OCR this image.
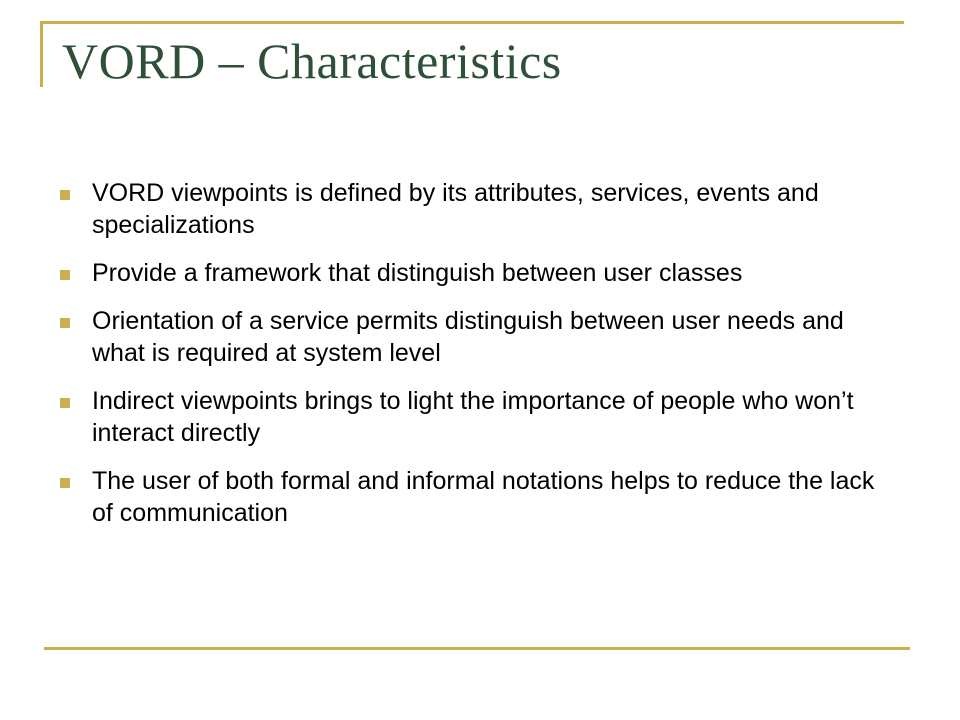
VORD – Characteristics
VORD viewpoints is defined by its attributes, services, events and specializations
Provide a framework that distinguish between user classes
Orientation of a service permits distinguish between user needs and what is required at system level
Indirect viewpoints brings to light the importance of people who won’t interact directly
The user of both formal and informal notations helps to reduce the lack of communication
